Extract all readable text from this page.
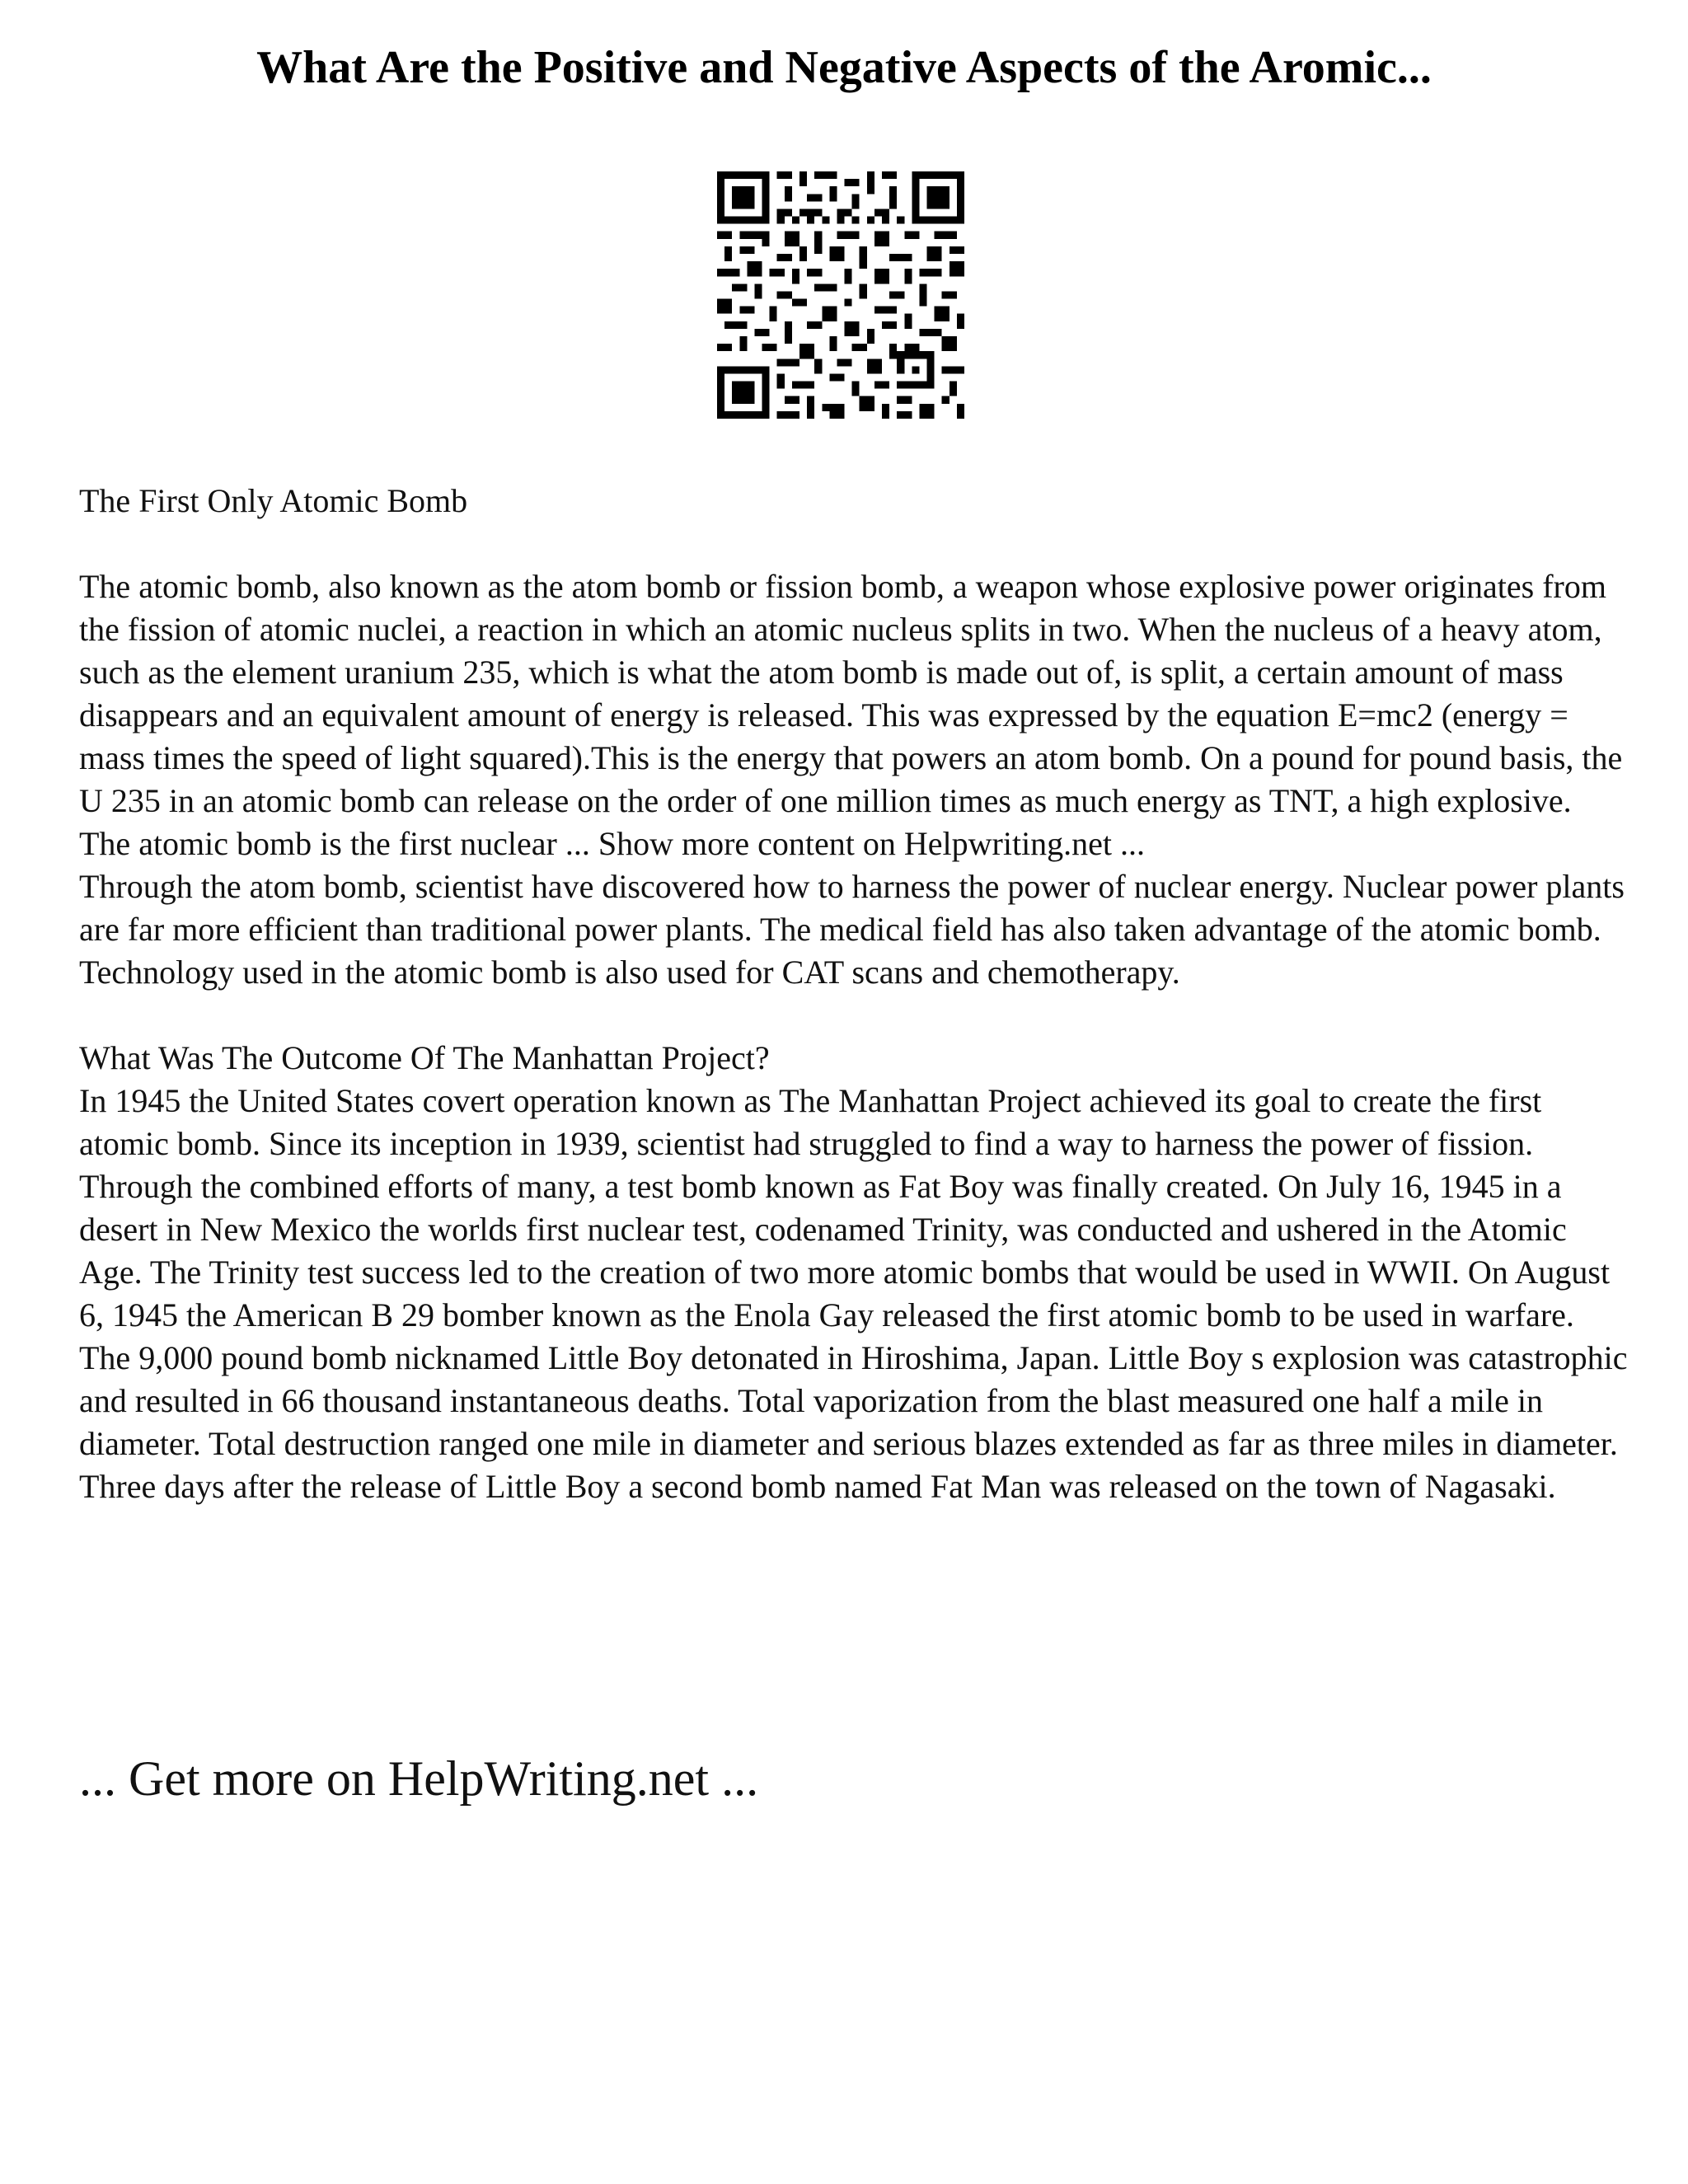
What Are the Positive and Negative Aspects of the Aromic...

The First Only Atomic Bomb

The atomic bomb, also known as the atom bomb or fission bomb, a weapon whose explosive power originates from the fission of atomic nuclei, a reaction in which an atomic nucleus splits in two. When the nucleus of a heavy atom, such as the element uranium 235, which is what the atom bomb is made out of, is split, a certain amount of mass disappears and an equivalent amount of energy is released. This was expressed by the equation E=mc2 (energy = mass times the speed of light squared).This is the energy that powers an atom bomb. On a pound for pound basis, the U 235 in an atomic bomb can release on the order of one million times as much energy as TNT, a high explosive. The atomic bomb is the first nuclear ... Show more content on Helpwriting.net ...

Through the atom bomb, scientist have discovered how to harness the power of nuclear energy. Nuclear power plants are far more efficient than traditional power plants. The medical field has also taken advantage of the atomic bomb. Technology used in the atomic bomb is also used for CAT scans and chemotherapy.

What Was The Outcome Of The Manhattan Project?

In 1945 the United States covert operation known as The Manhattan Project achieved its goal to create the first atomic bomb. Since its inception in 1939, scientist had struggled to find a way to harness the power of fission. Through the combined efforts of many, a test bomb known as Fat Boy was finally created. On July 16, 1945 in a desert in New Mexico the worlds first nuclear test, codenamed Trinity, was conducted and ushered in the Atomic Age. The Trinity test success led to the creation of two more atomic bombs that would be used in WWII. On August 6, 1945 the American B 29 bomber known as the Enola Gay released the first atomic bomb to be used in warfare. The 9,000 pound bomb nicknamed Little Boy detonated in Hiroshima, Japan. Little Boy s explosion was catastrophic and resulted in 66 thousand instantaneous deaths. Total vaporization from the blast measured one half a mile in diameter. Total destruction ranged one mile in diameter and serious blazes extended as far as three miles in diameter. Three days after the release of Little Boy a second bomb named Fat Man was released on the town of Nagasaki.

... Get more on HelpWriting.net ...
